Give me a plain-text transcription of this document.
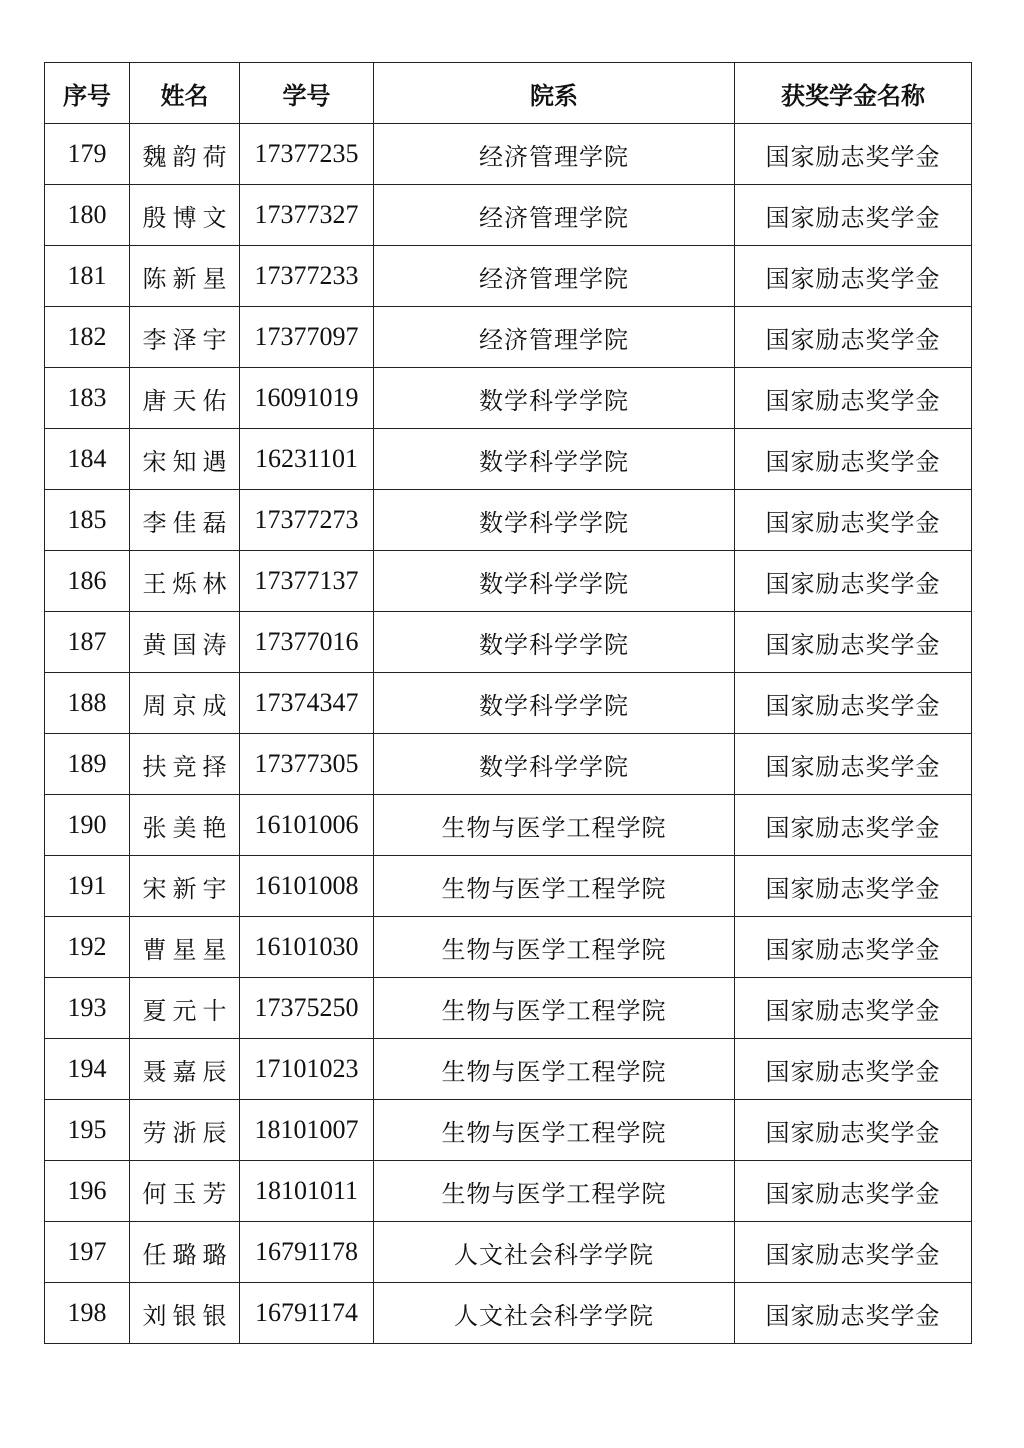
序号	姓名	学号	院系	获奖学金名称
179	魏韵荷	17377235	经济管理学院	国家励志奖学金
180	殷博文	17377327	经济管理学院	国家励志奖学金
181	陈新星	17377233	经济管理学院	国家励志奖学金
182	李泽宇	17377097	经济管理学院	国家励志奖学金
183	唐天佑	16091019	数学科学学院	国家励志奖学金
184	宋知遇	16231101	数学科学学院	国家励志奖学金
185	李佳磊	17377273	数学科学学院	国家励志奖学金
186	王烁林	17377137	数学科学学院	国家励志奖学金
187	黄国涛	17377016	数学科学学院	国家励志奖学金
188	周京成	17374347	数学科学学院	国家励志奖学金
189	扶竞择	17377305	数学科学学院	国家励志奖学金
190	张美艳	16101006	生物与医学工程学院	国家励志奖学金
191	宋新宇	16101008	生物与医学工程学院	国家励志奖学金
192	曹星星	16101030	生物与医学工程学院	国家励志奖学金
193	夏元十	17375250	生物与医学工程学院	国家励志奖学金
194	聂嘉辰	17101023	生物与医学工程学院	国家励志奖学金
195	劳浙辰	18101007	生物与医学工程学院	国家励志奖学金
196	何玉芳	18101011	生物与医学工程学院	国家励志奖学金
197	任璐璐	16791178	人文社会科学学院	国家励志奖学金
198	刘银银	16791174	人文社会科学学院	国家励志奖学金
